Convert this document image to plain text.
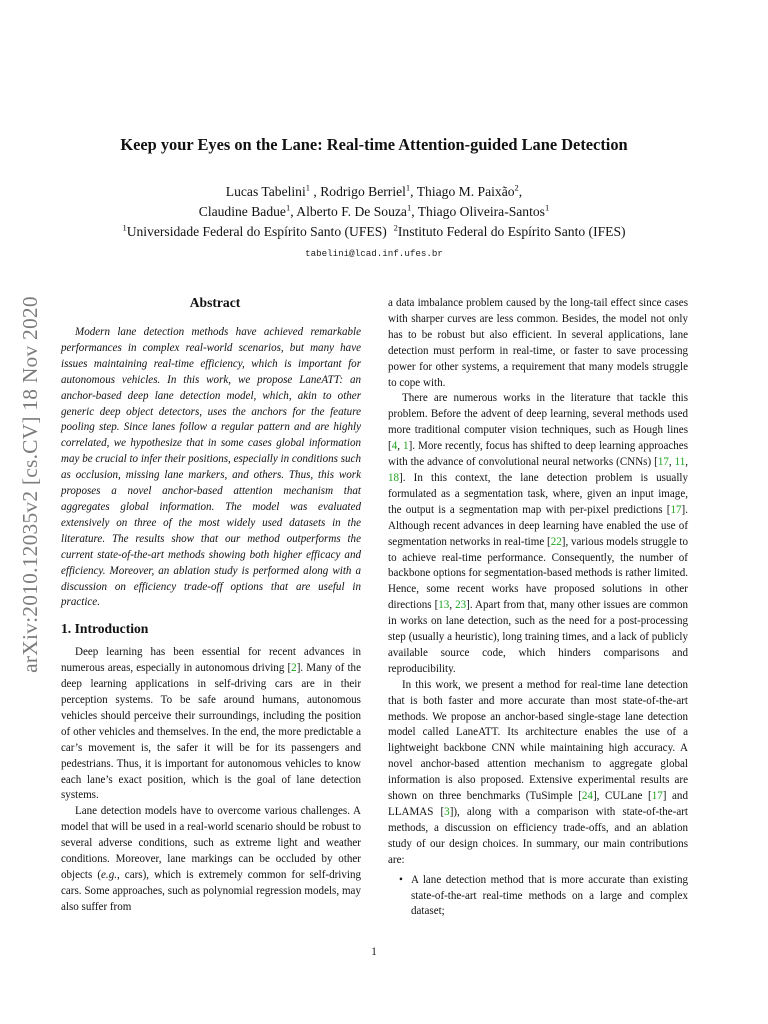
arXiv:2010.12035v2 [cs.CV] 18 Nov 2020
Keep your Eyes on the Lane: Real-time Attention-guided Lane Detection
Lucas Tabelini$^1$ , Rodrigo Berriel$^1$, Thiago M. Paixão$^2$,
Claudine Badue$^1$, Alberto F. De Souza$^1$, Thiago Oliveira-Santos$^1$
$^1$Universidade Federal do Espírito Santo (UFES) $^2$Instituto Federal do Espírito Santo (IFES)
tabelini@lcad.inf.ufes.br
Abstract

Modern lane detection methods have achieved remarkable performances in complex real-world scenarios, but many have issues maintaining real-time efficiency, which is important for autonomous vehicles. In this work, we propose LaneATT: an anchor-based deep lane detection model, which, akin to other generic deep object detectors, uses the anchors for the feature pooling step. Since lanes follow a regular pattern and are highly correlated, we hypothesize that in some cases global information may be crucial to infer their positions, especially in conditions such as occlusion, missing lane markers, and others. Thus, this work proposes a novel anchor-based attention mechanism that aggregates global information. The model was evaluated extensively on three of the most widely used datasets in the literature. The results show that our method outperforms the current state-of-the-art methods showing both higher efficacy and efficiency. Moreover, an ablation study is performed along with a discussion on efficiency trade-off options that are useful in practice.

1. Introduction

Deep learning has been essential for recent advances in numerous areas, especially in autonomous driving [2]. Many of the deep learning applications in self-driving cars are in their perception systems. To be safe around humans, autonomous vehicles should perceive their surroundings, including the position of other vehicles and themselves. In the end, the more predictable a car’s movement is, the safer it will be for its passengers and pedestrians. Thus, it is important for autonomous vehicles to know each lane’s exact position, which is the goal of lane detection systems.

Lane detection models have to overcome various challenges. A model that will be used in a real-world scenario should be robust to several adverse conditions, such as extreme light and weather conditions. Moreover, lane markings can be occluded by other objects (e.g., cars), which is extremely common for self-driving cars. Some approaches, such as polynomial regression models, may also suffer from

a data imbalance problem caused by the long-tail effect since cases with sharper curves are less common. Besides, the model not only has to be robust but also efficient. In several applications, lane detection must perform in real-time, or faster to save processing power for other systems, a requirement that many models struggle to cope with.

There are numerous works in the literature that tackle this problem. Before the advent of deep learning, several methods used more traditional computer vision techniques, such as Hough lines [4, 1]. More recently, focus has shifted to deep learning approaches with the advance of convolutional neural networks (CNNs) [17, 11, 18]. In this context, the lane detection problem is usually formulated as a segmentation task, where, given an input image, the output is a segmentation map with per-pixel predictions [17]. Although recent advances in deep learning have enabled the use of segmentation networks in real-time [22], various models struggle to to achieve real-time performance. Consequently, the number of backbone options for segmentation-based methods is rather limited. Hence, some recent works have proposed solutions in other directions [13, 23]. Apart from that, many other issues are common in works on lane detection, such as the need for a post-processing step (usually a heuristic), long training times, and a lack of publicly available source code, which hinders comparisons and reproducibility.

In this work, we present a method for real-time lane detection that is both faster and more accurate than most state-of-the-art methods. We propose an anchor-based single-stage lane detection model called LaneATT. Its architecture enables the use of a lightweight backbone CNN while maintaining high accuracy. A novel anchor-based attention mechanism to aggregate global information is also proposed. Extensive experimental results are shown on three benchmarks (TuSimple [24], CULane [17] and LLAMAS [3]), along with a comparison with state-of-the-art methods, a discussion on efficiency trade-offs, and an ablation study of our design choices. In summary, our main contributions are:

• A lane detection method that is more accurate than existing state-of-the-art real-time methods on a large and complex dataset;
1
